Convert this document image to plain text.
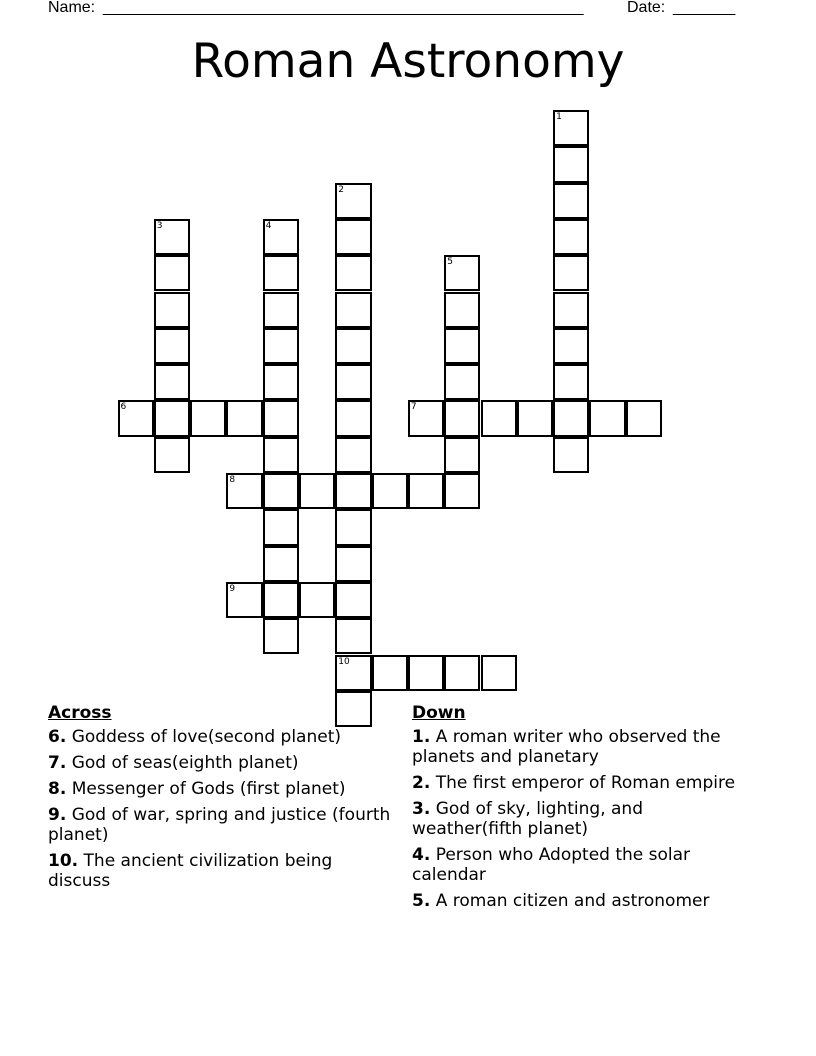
Name: ______________________________________________________	Date: _______
Roman Astronomy
1
2
10
3	4
5
6	7
8
9
Across
6. Goddess of love(second planet)
7. God of seas(eighth planet)
8. Messenger of Gods (first planet)
9. God of war, spring and justice (fourth planet)
10. The ancient civilization being discuss
Down
1. A roman writer who observed the planets and planetary
2. The first emperor of Roman empire
3. God of sky, lighting, and weather(fifth planet)
4. Person who Adopted the solar calendar
5. A roman citizen and astronomer
